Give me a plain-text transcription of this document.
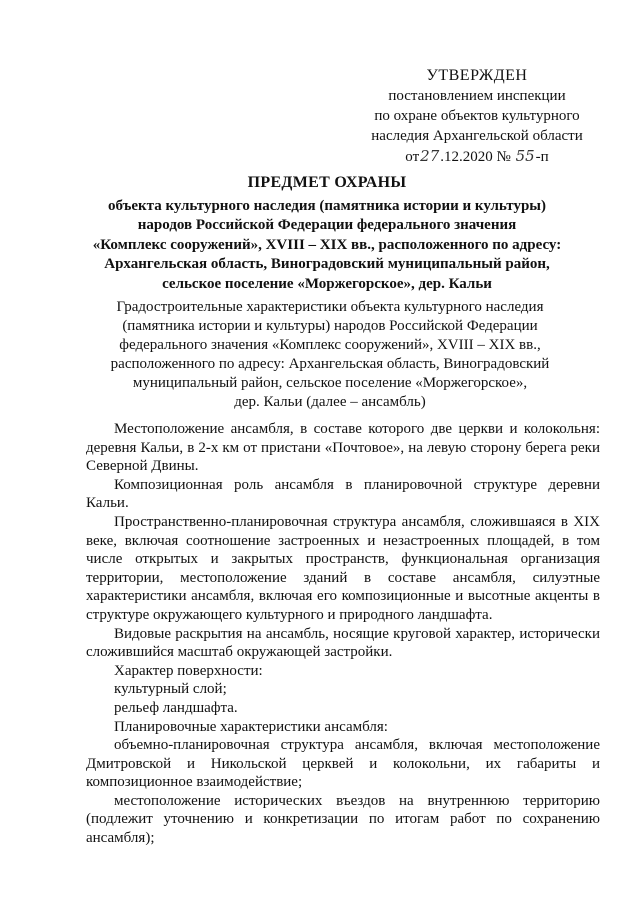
УТВЕРЖДЕН
постановлением инспекции
по охране объектов культурного
наследия Архангельской области
от27.12.2020 № 55-п
ПРЕДМЕТ ОХРАНЫ
объекта культурного наследия (памятника истории и культуры)
народов Российской Федерации федерального значения
«Комплекс сооружений», XVIII – XIX вв., расположенного по адресу:
Архангельская область, Виноградовский муниципальный район,
сельское поселение «Моржегорское», дер. Кальи
Градостроительные характеристики объекта культурного наследия
(памятника истории и культуры) народов Российской Федерации
федерального значения «Комплекс сооружений», XVIII – XIX вв.,
расположенного по адресу: Архангельская область, Виноградовский
муниципальный район, сельское поселение «Моржегорское»,
дер. Кальи (далее – ансамбль)

Местоположение ансамбля, в составе которого две церкви и колокольня: деревня Кальи, в 2-х км от пристани «Почтовое», на левую сторону берега реки Северной Двины.

Композиционная роль ансамбля в планировочной структуре деревни Кальи.

Пространственно-планировочная структура ансамбля, сложившаяся в XIX веке, включая соотношение застроенных и незастроенных площадей, в том числе открытых и закрытых пространств, функциональная организация территории, местоположение зданий в составе ансамбля, силуэтные характеристики ансамбля, включая его композиционные и высотные акценты в структуре окружающего культурного и природного ландшафта.

Видовые раскрытия на ансамбль, носящие круговой характер, исторически сложившийся масштаб окружающей застройки.

Характер поверхности:

культурный слой;

рельеф ландшафта.

Планировочные характеристики ансамбля:

объемно-планировочная структура ансамбля, включая местоположение Дмитровской и Никольской церквей и колокольни, их габариты и композиционное взаимодействие;

местоположение исторических въездов на внутреннюю территорию (подлежит уточнению и конкретизации по итогам работ по сохранению ансамбля);
